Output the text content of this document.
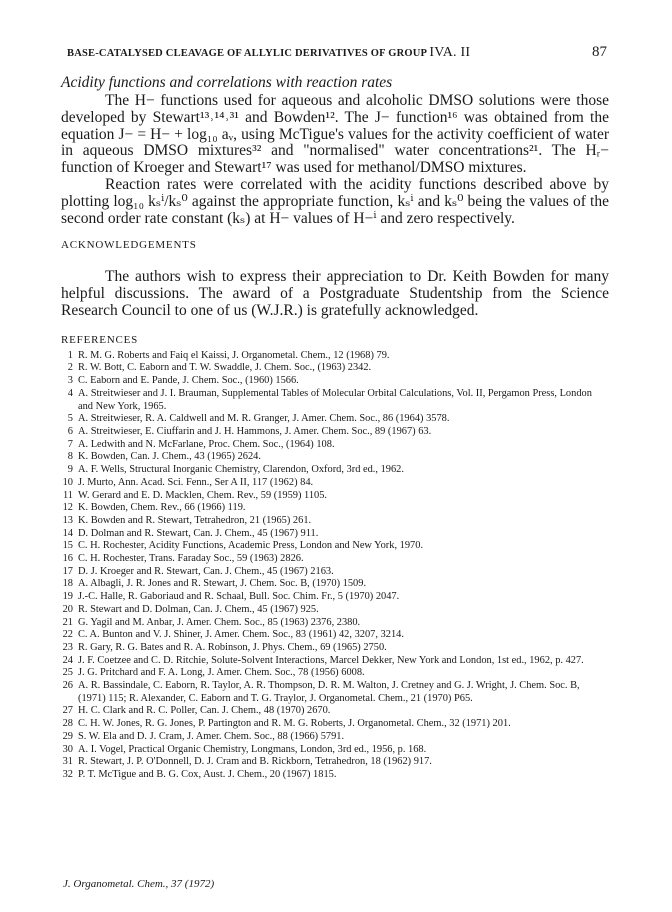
BASE-CATALYSED CLEAVAGE OF ALLYLIC DERIVATIVES OF GROUP IVA. II	87

Acidity functions and correlations with reaction rates

The H− functions used for aqueous and alcoholic DMSO solutions were those developed by Stewart¹³˒¹⁴˒³¹ and Bowden¹². The J− function¹⁶ was obtained from the equation J− = H− + log₁₀ aᵥ, using McTigue's values for the activity coefficient of water in aqueous DMSO mixtures³² and "normalised" water concentrations²¹. The Hᵣ− function of Kroeger and Stewart¹⁷ was used for methanol/DMSO mixtures.

Reaction rates were correlated with the acidity functions described above by plotting log₁₀ kₛⁱ/kₛ⁰ against the appropriate function, kₛⁱ and kₛ⁰ being the values of the second order rate constant (kₛ) at H− values of H−ⁱ and zero respectively.

ACKNOWLEDGEMENTS

The authors wish to express their appreciation to Dr. Keith Bowden for many helpful discussions. The award of a Postgraduate Studentship from the Science Research Council to one of us (W.J.R.) is gratefully acknowledged.

REFERENCES

1 R. M. G. Roberts and Faiq el Kaissi, J. Organometal. Chem., 12 (1968) 79.
2 R. W. Bott, C. Eaborn and T. W. Swaddle, J. Chem. Soc., (1963) 2342.
3 C. Eaborn and E. Pande, J. Chem. Soc., (1960) 1566.
4 A. Streitwieser and J. I. Brauman, Supplemental Tables of Molecular Orbital Calculations, Vol. II, Pergamon Press, London and New York, 1965.
5 A. Streitwieser, R. A. Caldwell and M. R. Granger, J. Amer. Chem. Soc., 86 (1964) 3578.
6 A. Streitwieser, E. Ciuffarin and J. H. Hammons, J. Amer. Chem. Soc., 89 (1967) 63.
7 A. Ledwith and N. McFarlane, Proc. Chem. Soc., (1964) 108.
8 K. Bowden, Can. J. Chem., 43 (1965) 2624.
9 A. F. Wells, Structural Inorganic Chemistry, Clarendon, Oxford, 3rd ed., 1962.
10 J. Murto, Ann. Acad. Sci. Fenn., Ser A II, 117 (1962) 84.
11 W. Gerard and E. D. Macklen, Chem. Rev., 59 (1959) 1105.
12 K. Bowden, Chem. Rev., 66 (1966) 119.
13 K. Bowden and R. Stewart, Tetrahedron, 21 (1965) 261.
14 D. Dolman and R. Stewart, Can. J. Chem., 45 (1967) 911.
15 C. H. Rochester, Acidity Functions, Academic Press, London and New York, 1970.
16 C. H. Rochester, Trans. Faraday Soc., 59 (1963) 2826.
17 D. J. Kroeger and R. Stewart, Can. J. Chem., 45 (1967) 2163.
18 A. Albagli, J. R. Jones and R. Stewart, J. Chem. Soc. B, (1970) 1509.
19 J.-C. Halle, R. Gaboriaud and R. Schaal, Bull. Soc. Chim. Fr., 5 (1970) 2047.
20 R. Stewart and D. Dolman, Can. J. Chem., 45 (1967) 925.
21 G. Yagil and M. Anbar, J. Amer. Chem. Soc., 85 (1963) 2376, 2380.
22 C. A. Bunton and V. J. Shiner, J. Amer. Chem. Soc., 83 (1961) 42, 3207, 3214.
23 R. Gary, R. G. Bates and R. A. Robinson, J. Phys. Chem., 69 (1965) 2750.
24 J. F. Coetzee and C. D. Ritchie, Solute-Solvent Interactions, Marcel Dekker, New York and London, 1st ed., 1962, p. 427.
25 J. G. Pritchard and F. A. Long, J. Amer. Chem. Soc., 78 (1956) 6008.
26 A. R. Bassindale, C. Eaborn, R. Taylor, A. R. Thompson, D. R. M. Walton, J. Cretney and G. J. Wright, J. Chem. Soc. B, (1971) 115; R. Alexander, C. Eaborn and T. G. Traylor, J. Organometal. Chem., 21 (1970) P65.
27 H. C. Clark and R. C. Poller, Can. J. Chem., 48 (1970) 2670.
28 C. H. W. Jones, R. G. Jones, P. Partington and R. M. G. Roberts, J. Organometal. Chem., 32 (1971) 201.
29 S. W. Ela and D. J. Cram, J. Amer. Chem. Soc., 88 (1966) 5791.
30 A. I. Vogel, Practical Organic Chemistry, Longmans, London, 3rd ed., 1956, p. 168.
31 R. Stewart, J. P. O'Donnell, D. J. Cram and B. Rickborn, Tetrahedron, 18 (1962) 917.
32 P. T. McTigue and B. G. Cox, Aust. J. Chem., 20 (1967) 1815.
J. Organometal. Chem., 37 (1972)
